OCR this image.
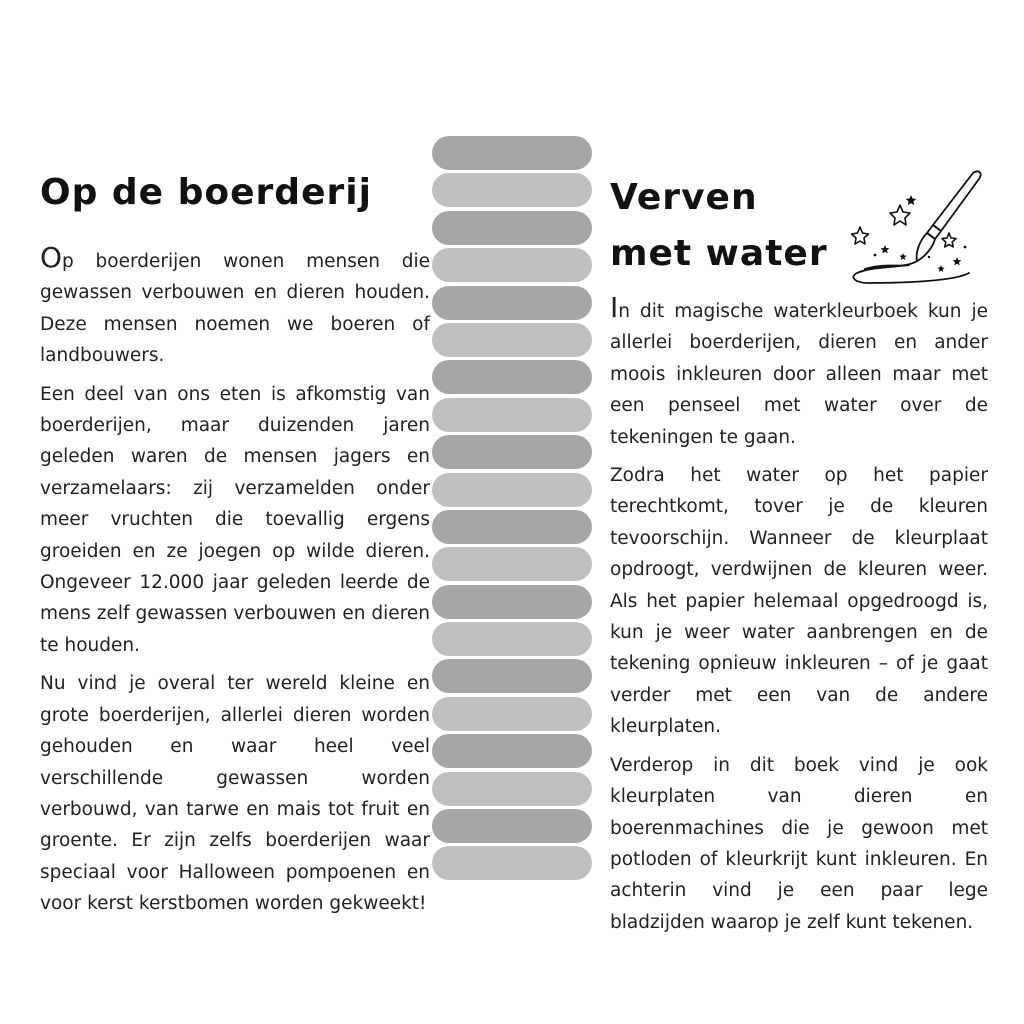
Op de boerderij

Op boerderijen wonen mensen die gewassen verbouwen en dieren houden. Deze mensen noemen we boeren of landbouwers.

Een deel van ons eten is afkomstig van boerderijen, maar duizenden jaren geleden waren de mensen jagers en verzamelaars: zij verzamelden onder meer vruchten die toevallig ergens groeiden en ze joegen op wilde dieren. Ongeveer 12.000 jaar geleden leerde de mens zelf gewassen verbouwen en dieren te houden.

Nu vind je overal ter wereld kleine en grote boerderijen, allerlei dieren worden gehouden en waar heel veel verschillende gewassen worden verbouwd, van tarwe en mais tot fruit en groente. Er zijn zelfs boerderijen waar speciaal voor Halloween pompoenen en voor kerst kerstbomen worden gekweekt!

Verven
met water

In dit magische waterkleurboek kun je allerlei boerderijen, dieren en ander moois inkleuren door alleen maar met een penseel met water over de tekeningen te gaan.

Zodra het water op het papier terechtkomt, tover je de kleuren tevoorschijn. Wanneer de kleurplaat opdroogt, verdwijnen de kleuren weer. Als het papier helemaal opgedroogd is, kun je weer water aanbrengen en de tekening opnieuw inkleuren – of je gaat verder met een van de andere kleurplaten.

Verderop in dit boek vind je ook kleurplaten van dieren en boerenmachines die je gewoon met potloden of kleurkrijt kunt inkleuren. En achterin vind je een paar lege bladzijden waarop je zelf kunt tekenen.
